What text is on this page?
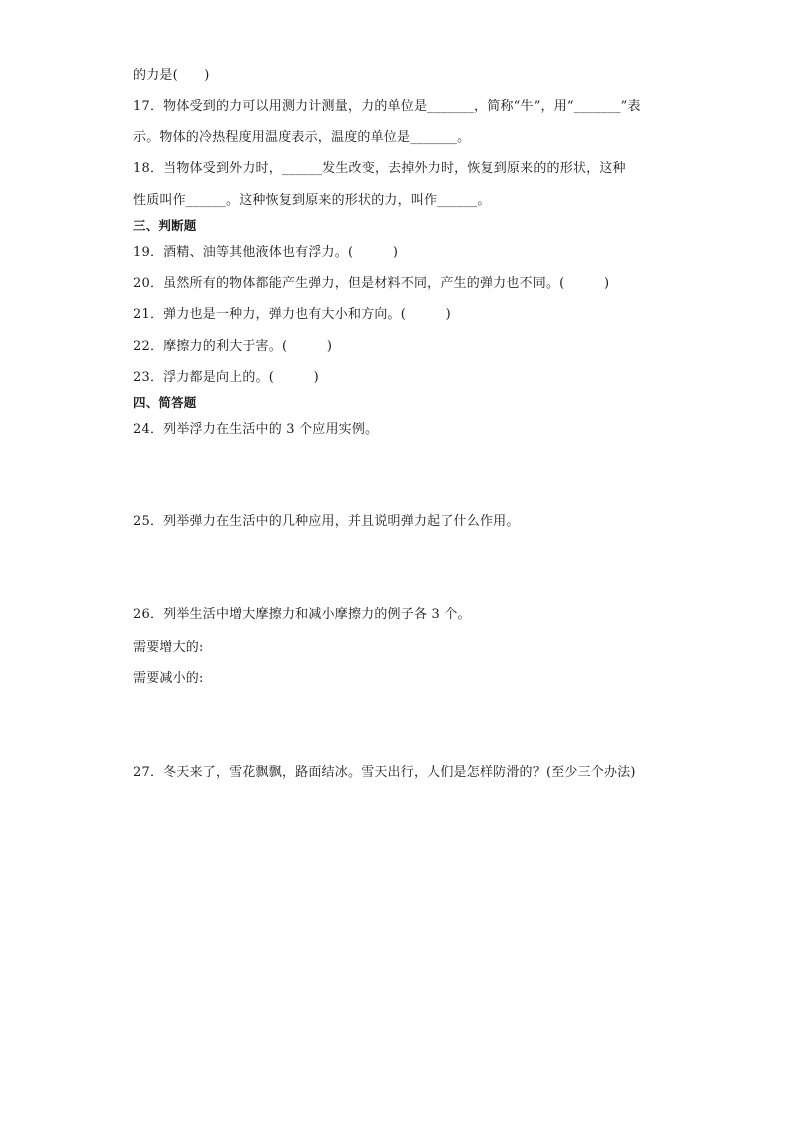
的力是(　　)
17．物体受到的力可以用测力计测量，力的单位是_______，简称“牛”，用“_______”表
示。物体的冷热程度用温度表示，温度的单位是_______。
18．当物体受到外力时，______发生改变，去掉外力时，恢复到原来的的形状，这种
性质叫作______。这种恢复到原来的形状的力，叫作______。
三、判断题
19．酒精、油等其他液体也有浮力。(　　　)
20．虽然所有的物体都能产生弹力，但是材料不同，产生的弹力也不同。(　　　)
21．弹力也是一种力，弹力也有大小和方向。(　　　)
22．摩擦力的利大于害。(　　　)
23．浮力都是向上的。(　　　)
四、简答题
24．列举浮力在生活中的 3 个应用实例。
25．列举弹力在生活中的几种应用，并且说明弹力起了什么作用。
26．列举生活中增大摩擦力和减小摩擦力的例子各 3 个。
需要增大的:
需要减小的:
27．冬天来了，雪花飘飘，路面结冰。雪天出行，人们是怎样防滑的？(至少三个办法)
